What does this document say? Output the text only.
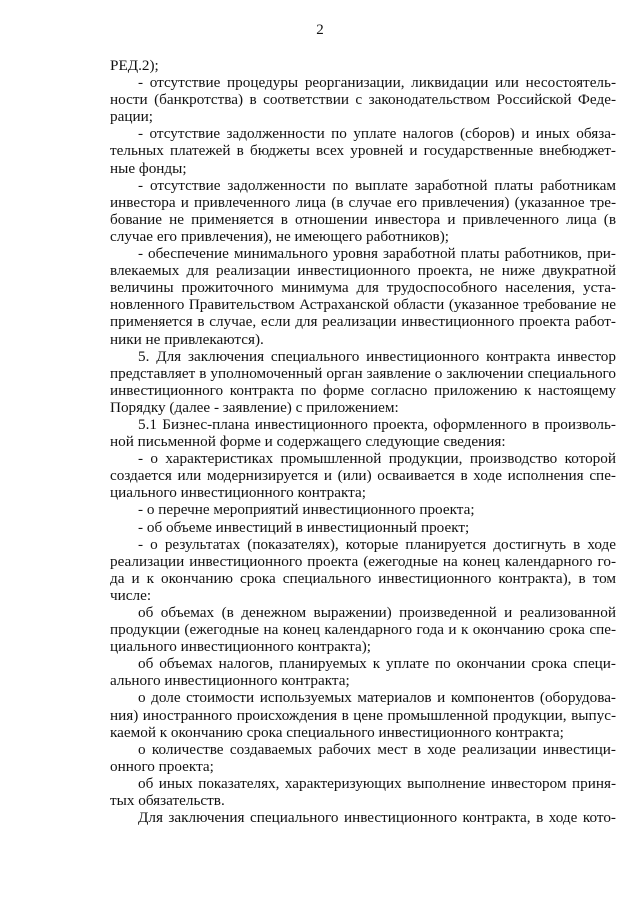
2
РЕД.2);
- отсутствие процедуры реорганизации, ликвидации или несостоятель-
ности (банкротства) в соответствии с законодательством Российской Феде-
рации;
- отсутствие задолженности по уплате налогов (сборов) и иных обяза-
тельных платежей в бюджеты всех уровней и государственные внебюджет-
ные фонды;
- отсутствие задолженности по выплате заработной платы работникам
инвестора и привлеченного лица (в случае его привлечения) (указанное тре-
бование не применяется в отношении инвестора и привлеченного лица (в
случае его привлечения), не имеющего работников);
- обеспечение минимального уровня заработной платы работников, при-
влекаемых для реализации инвестиционного проекта, не ниже двукратной
величины прожиточного минимума для трудоспособного населения, уста-
новленного Правительством Астраханской области (указанное требование не
применяется в случае, если для реализации инвестиционного проекта работ-
ники не привлекаются).
5. Для заключения специального инвестиционного контракта инвестор
представляет в уполномоченный орган заявление о заключении специального
инвестиционного контракта по форме согласно приложению к настоящему
Порядку (далее - заявление) с приложением:
5.1 Бизнес-плана инвестиционного проекта, оформленного в произволь-
ной письменной форме и содержащего следующие сведения:
- о характеристиках промышленной продукции, производство которой
создается или модернизируется и (или) осваивается в ходе исполнения спе-
циального инвестиционного контракта;
- о перечне мероприятий инвестиционного проекта;
- об объеме инвестиций в инвестиционный проект;
- о результатах (показателях), которые планируется достигнуть в ходе
реализации инвестиционного проекта (ежегодные на конец календарного го-
да и к окончанию срока специального инвестиционного контракта), в том
числе:
об объемах (в денежном выражении) произведенной и реализованной
продукции (ежегодные на конец календарного года и к окончанию срока спе-
циального инвестиционного контракта);
об объемах налогов, планируемых к уплате по окончании срока специ-
ального инвестиционного контракта;
о доле стоимости используемых материалов и компонентов (оборудова-
ния) иностранного происхождения в цене промышленной продукции, выпус-
каемой к окончанию срока специального инвестиционного контракта;
о количестве создаваемых рабочих мест в ходе реализации инвестици-
онного проекта;
об иных показателях, характеризующих выполнение инвестором приня-
тых обязательств.
Для заключения специального инвестиционного контракта, в ходе кото-
